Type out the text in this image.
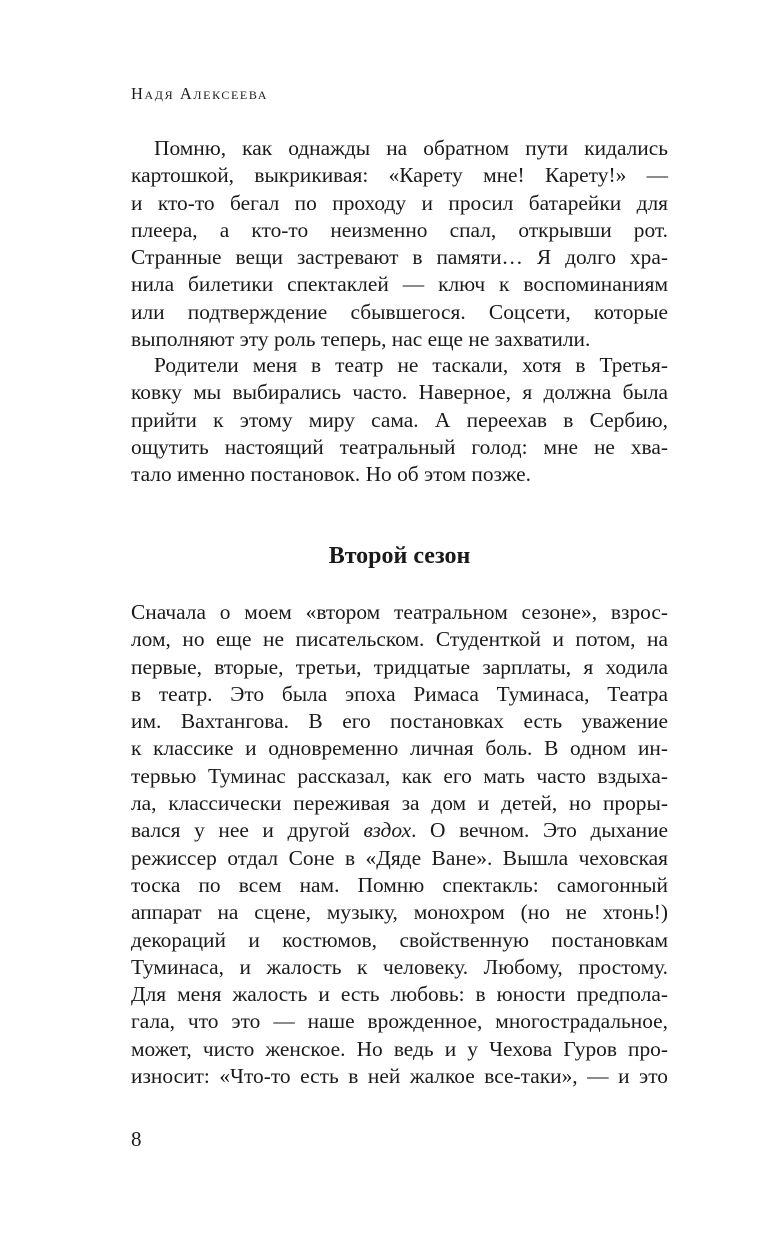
Надя Алексеева
Помню, как однажды на обратном пути кидались
картошкой, выкрикивая: «Карету мне! Карету!» —
и кто-то бегал по проходу и просил батарейки для
плеера, а кто-то неизменно спал, открывши рот.
Странные вещи застревают в памяти… Я долго хра-
нила билетики спектаклей — ключ к воспоминаниям
или подтверждение сбывшегося. Соцсети, которые
выполняют эту роль теперь, нас еще не захватили.
Родители меня в театр не таскали, хотя в Третья-
ковку мы выбирались часто. Наверное, я должна была
прийти к этому миру сама. А переехав в Сербию,
ощутить настоящий театральный голод: мне не хва-
тало именно постановок. Но об этом позже.
Второй сезон
Сначала о моем «втором театральном сезоне», взрос-
лом, но еще не писательском. Студенткой и потом, на
первые, вторые, третьи, тридцатые зарплаты, я ходила
в театр. Это была эпоха Римаса Туминаса, Театра
им. Вахтангова. В его постановках есть уважение
к классике и одновременно личная боль. В одном ин-
тервью Туминас рассказал, как его мать часто вздыха-
ла, классически переживая за дом и детей, но проры-
вался у нее и другой вздох. О вечном. Это дыхание
режиссер отдал Соне в «Дяде Ване». Вышла чеховская
тоска по всем нам. Помню спектакль: самогонный
аппарат на сцене, музыку, монохром (но не хтонь!)
декораций и костюмов, свойственную постановкам
Туминаса, и жалость к человеку. Любому, простому.
Для меня жалость и есть любовь: в юности предпола-
гала, что это — наше врожденное, многострадальное,
может, чисто женское. Но ведь и у Чехова Гуров про-
износит: «Что-то есть в ней жалкое все-таки», — и это
8
